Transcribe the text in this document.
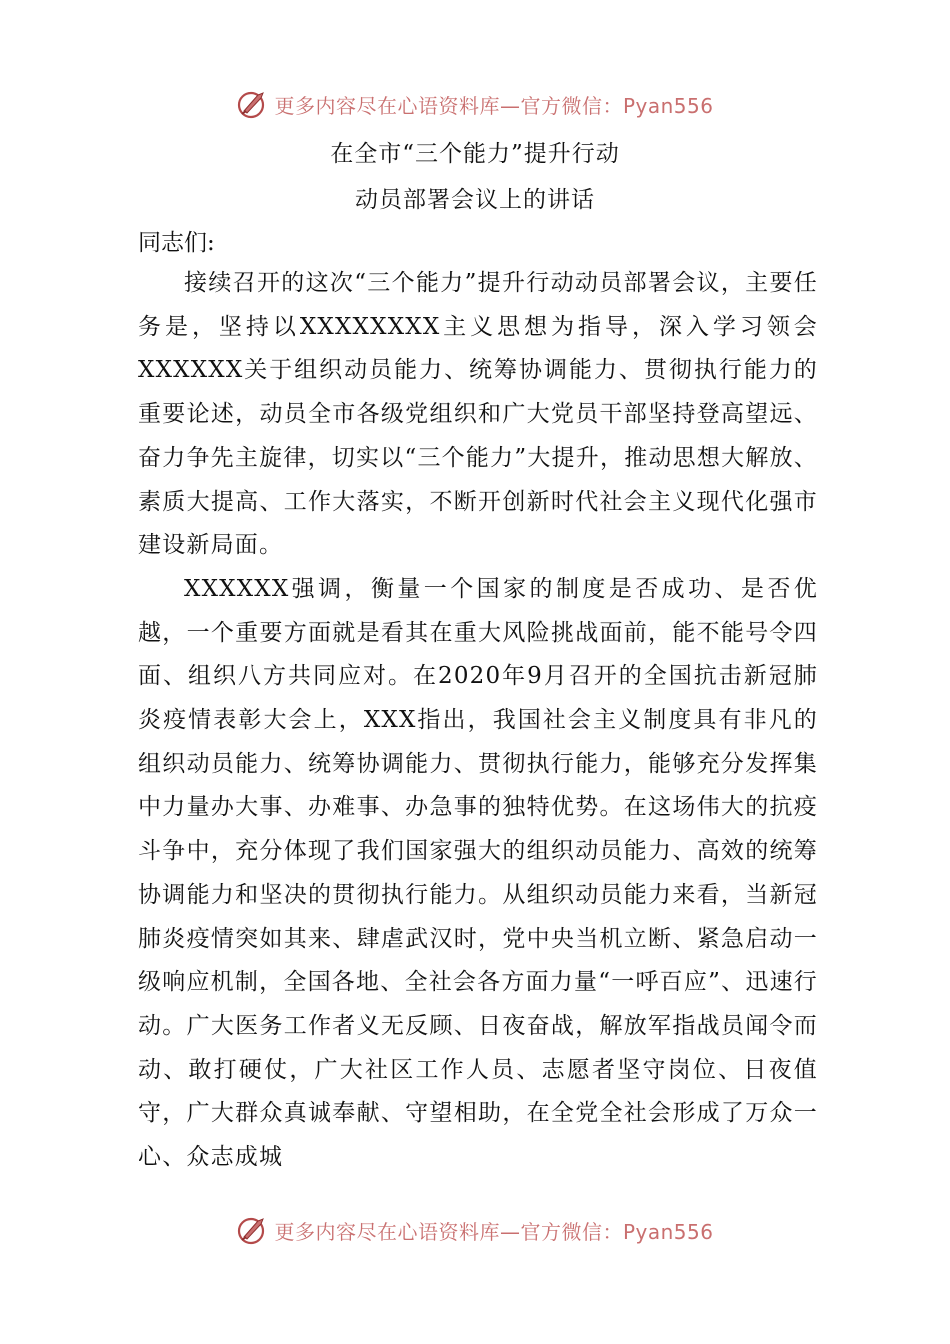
更多内容尽在心语资料库—官方微信：Pyan556
在全市“三个能力”提升行动
动员部署会议上的讲话
同志们:

接续召开的这次“三个能力”提升行动动员部署会议，主要任务是，坚持以XXXXXXXX主义思想为指导，深入学习领会XXXXXX关于组织动员能力、统筹协调能力、贯彻执行能力的重要论述，动员全市各级党组织和广大党员干部坚持登高望远、奋力争先主旋律，切实以“三个能力”大提升，推动思想大解放、素质大提高、工作大落实，不断开创新时代社会主义现代化强市建设新局面。

XXXXXX强调，衡量一个国家的制度是否成功、是否优越，一个重要方面就是看其在重大风险挑战面前，能不能号令四面、组织八方共同应对。在2020年9月召开的全国抗击新冠肺炎疫情表彰大会上，XXX指出，我国社会主义制度具有非凡的组织动员能力、统筹协调能力、贯彻执行能力，能够充分发挥集中力量办大事、办难事、办急事的独特优势。在这场伟大的抗疫斗争中，充分体现了我们国家强大的组织动员能力、高效的统筹协调能力和坚决的贯彻执行能力。从组织动员能力来看，当新冠肺炎疫情突如其来、肆虐武汉时，党中央当机立断、紧急启动一级响应机制，全国各地、全社会各方面力量“一呼百应”、迅速行动。广大医务工作者义无反顾、日夜奋战，解放军指战员闻令而动、敢打硬仗，广大社区工作人员、志愿者坚守岗位、日夜值守，广大群众真诚奉献、守望相助，在全党全社会形成了万众一心、众志成城

更多内容尽在心语资料库—官方微信：Pyan556
